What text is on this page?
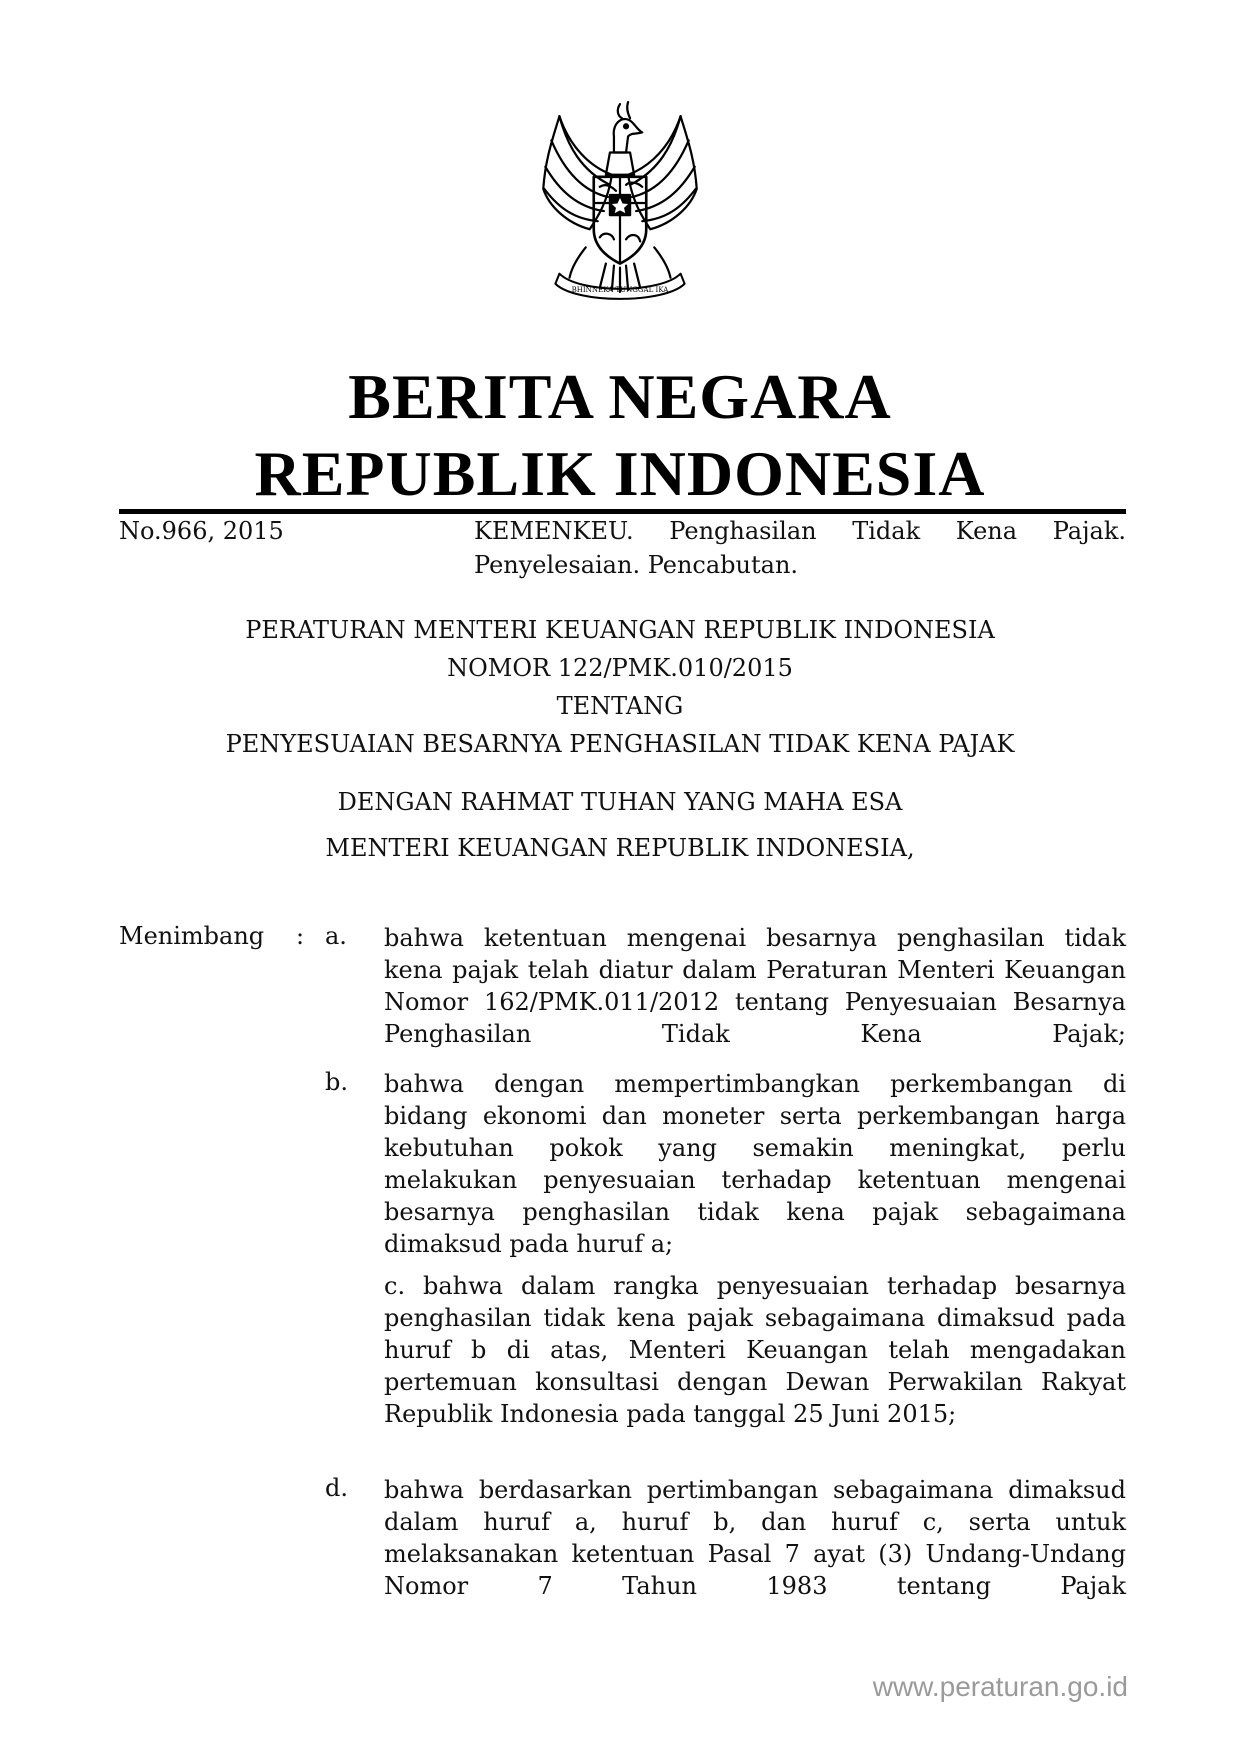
BHINNEKA TUNGGAL IKA
BERITA NEGARA
REPUBLIK INDONESIA
No.966, 2015	KEMENKEU. Penghasilan Tidak Kena Pajak. Penyelesaian. Pencabutan.
PERATURAN MENTERI KEUANGAN REPUBLIK INDONESIA
NOMOR 122/PMK.010/2015
TENTANG
PENYESUAIAN BESARNYA PENGHASILAN TIDAK KENA PAJAK
DENGAN RAHMAT TUHAN YANG MAHA ESA
MENTERI KEUANGAN REPUBLIK INDONESIA,
Menimbang : a. bahwa ketentuan mengenai besarnya penghasilan tidak kena pajak telah diatur dalam Peraturan Menteri Keuangan Nomor 162/PMK.011/2012 tentang Penyesuaian Besarnya Penghasilan Tidak Kena Pajak;
b. bahwa dengan mempertimbangkan perkembangan di bidang ekonomi dan moneter serta perkembangan harga kebutuhan pokok yang semakin meningkat, perlu melakukan penyesuaian terhadap ketentuan mengenai besarnya penghasilan tidak kena pajak sebagaimana dimaksud pada huruf a;
c. bahwa dalam rangka penyesuaian terhadap besarnya penghasilan tidak kena pajak sebagaimana dimaksud pada huruf b di atas, Menteri Keuangan telah mengadakan pertemuan konsultasi dengan Dewan Perwakilan Rakyat Republik Indonesia pada tanggal 25 Juni 2015;
d. bahwa berdasarkan pertimbangan sebagaimana dimaksud dalam huruf a, huruf b, dan huruf c, serta untuk melaksanakan ketentuan Pasal 7 ayat (3) Undang-Undang Nomor 7 Tahun 1983 tentang Pajak
www.peraturan.go.id
